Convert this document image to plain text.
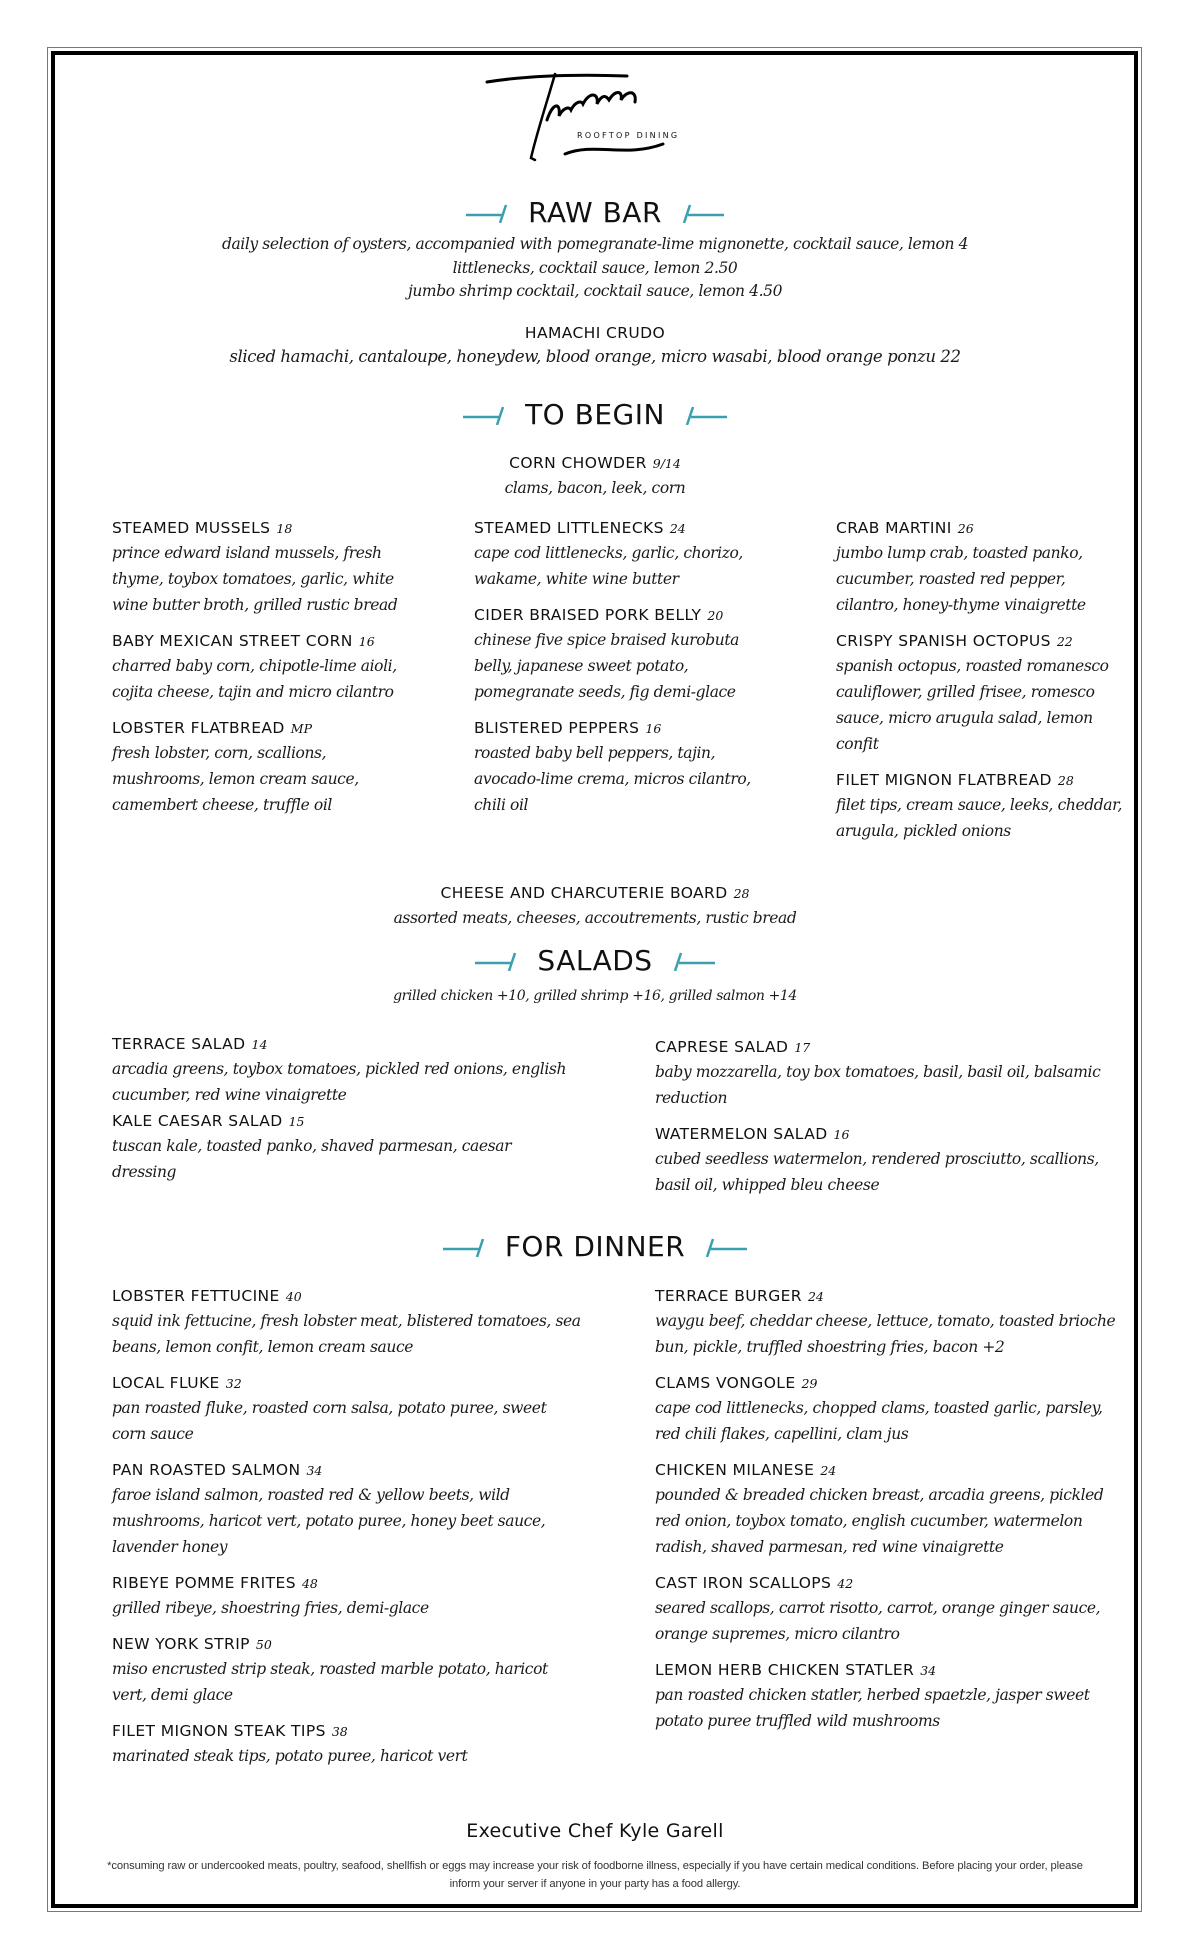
ROOFTOP DINING
RAW BAR
daily selection of oysters, accompanied with pomegranate-lime mignonette, cocktail sauce, lemon 4
littlenecks, cocktail sauce, lemon 2.50
jumbo shrimp cocktail, cocktail sauce, lemon 4.50
HAMACHI CRUDO
sliced hamachi, cantaloupe, honeydew, blood orange, micro wasabi, blood orange ponzu 22
TO BEGIN
CORN CHOWDER 9/14
clams, bacon, leek, corn
STEAMED MUSSELS 18
prince edward island mussels, fresh thyme, toybox tomatoes, garlic, white wine butter broth, grilled rustic bread
BABY MEXICAN STREET CORN 16
charred baby corn, chipotle-lime aioli, cojita cheese, tajin and micro cilantro
LOBSTER FLATBREAD MP
fresh lobster, corn, scallions, mushrooms, lemon cream sauce, camembert cheese, truffle oil
STEAMED LITTLENECKS 24
cape cod littlenecks, garlic, chorizo, wakame, white wine butter
CIDER BRAISED PORK BELLY 20
chinese five spice braised kurobuta belly, japanese sweet potato, pomegranate seeds, fig demi-glace
BLISTERED PEPPERS 16
roasted baby bell peppers, tajin, avocado-lime crema, micros cilantro, chili oil
CRAB MARTINI 26
jumbo lump crab, toasted panko, cucumber, roasted red pepper, cilantro, honey-thyme vinaigrette
CRISPY SPANISH OCTOPUS 22
spanish octopus, roasted romanesco cauliflower, grilled frisee, romesco sauce, micro arugula salad, lemon confit
FILET MIGNON FLATBREAD 28
filet tips, cream sauce, leeks, cheddar, arugula, pickled onions
CHEESE AND CHARCUTERIE BOARD 28
assorted meats, cheeses, accoutrements, rustic bread
SALADS
grilled chicken +10, grilled shrimp +16, grilled salmon +14
TERRACE SALAD 14
arcadia greens, toybox tomatoes, pickled red onions, english cucumber, red wine vinaigrette
KALE CAESAR SALAD 15
tuscan kale, toasted panko, shaved parmesan, caesar dressing
CAPRESE SALAD 17
baby mozzarella, toy box tomatoes, basil, basil oil, balsamic reduction
WATERMELON SALAD 16
cubed seedless watermelon, rendered prosciutto, scallions, basil oil, whipped bleu cheese
FOR DINNER
LOBSTER FETTUCINE 40
squid ink fettucine, fresh lobster meat, blistered tomatoes, sea beans, lemon confit, lemon cream sauce
LOCAL FLUKE 32
pan roasted fluke, roasted corn salsa, potato puree, sweet corn sauce
PAN ROASTED SALMON 34
faroe island salmon, roasted red & yellow beets, wild mushrooms, haricot vert, potato puree, honey beet sauce, lavender honey
RIBEYE POMME FRITES 48
grilled ribeye, shoestring fries, demi-glace
NEW YORK STRIP 50
miso encrusted strip steak, roasted marble potato, haricot vert, demi glace
FILET MIGNON STEAK TIPS 38
marinated steak tips, potato puree, haricot vert
TERRACE BURGER 24
waygu beef, cheddar cheese, lettuce, tomato, toasted brioche bun, pickle, truffled shoestring fries, bacon +2
CLAMS VONGOLE 29
cape cod littlenecks, chopped clams, toasted garlic, parsley, red chili flakes, capellini, clam jus
CHICKEN MILANESE 24
pounded & breaded chicken breast, arcadia greens, pickled red onion, toybox tomato, english cucumber, watermelon radish, shaved parmesan, red wine vinaigrette
CAST IRON SCALLOPS 42
seared scallops, carrot risotto, carrot, orange ginger sauce, orange supremes, micro cilantro
LEMON HERB CHICKEN STATLER 34
pan roasted chicken statler, herbed spaetzle, jasper sweet potato puree truffled wild mushrooms
Executive Chef Kyle Garell
*consuming raw or undercooked meats, poultry, seafood, shellfish or eggs may increase your risk of foodborne illness, especially if you have certain medical conditions. Before placing your order, please
inform your server if anyone in your party has a food allergy.
